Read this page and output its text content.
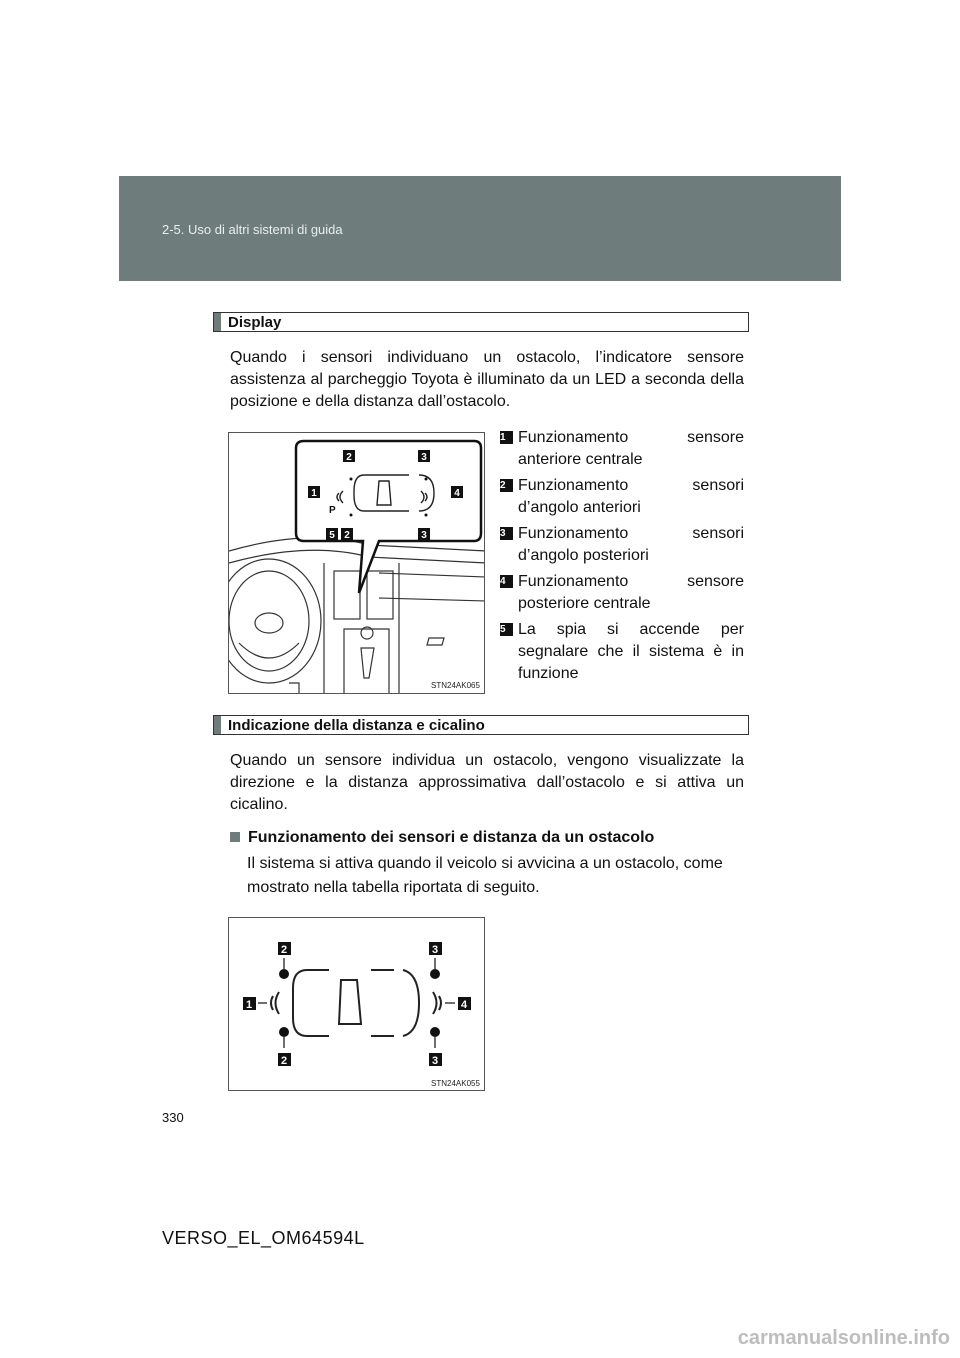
2-5. Uso di altri sistemi di guida
Display
Quando i sensori individuano un ostacolo, l’indicatore sensore assistenza al parcheggio Toyota è illuminato da un LED a seconda della posizione e della distanza dall’ostacolo.
2	3
1	4
5 2	3
P
STN24AK065
1 Funzionamento sensore anteriore centrale
2 Funzionamento sensori d’angolo anteriori
3 Funzionamento sensori d’angolo posteriori
4 Funzionamento sensore posteriore centrale
5 La spia si accende per segnalare che il sistema è in funzione
Indicazione della distanza e cicalino
Quando un sensore individua un ostacolo, vengono visualizzate la direzione e la distanza approssimativa dall’ostacolo e si attiva un cicalino.
Funzionamento dei sensori e distanza da un ostacolo
Il sistema si attiva quando il veicolo si avvicina a un ostacolo, come mostrato nella tabella riportata di seguito.
2	3
1	4
2	3
STN24AK055
330
VERSO_EL_OM64594L
carmanualsonline.info
